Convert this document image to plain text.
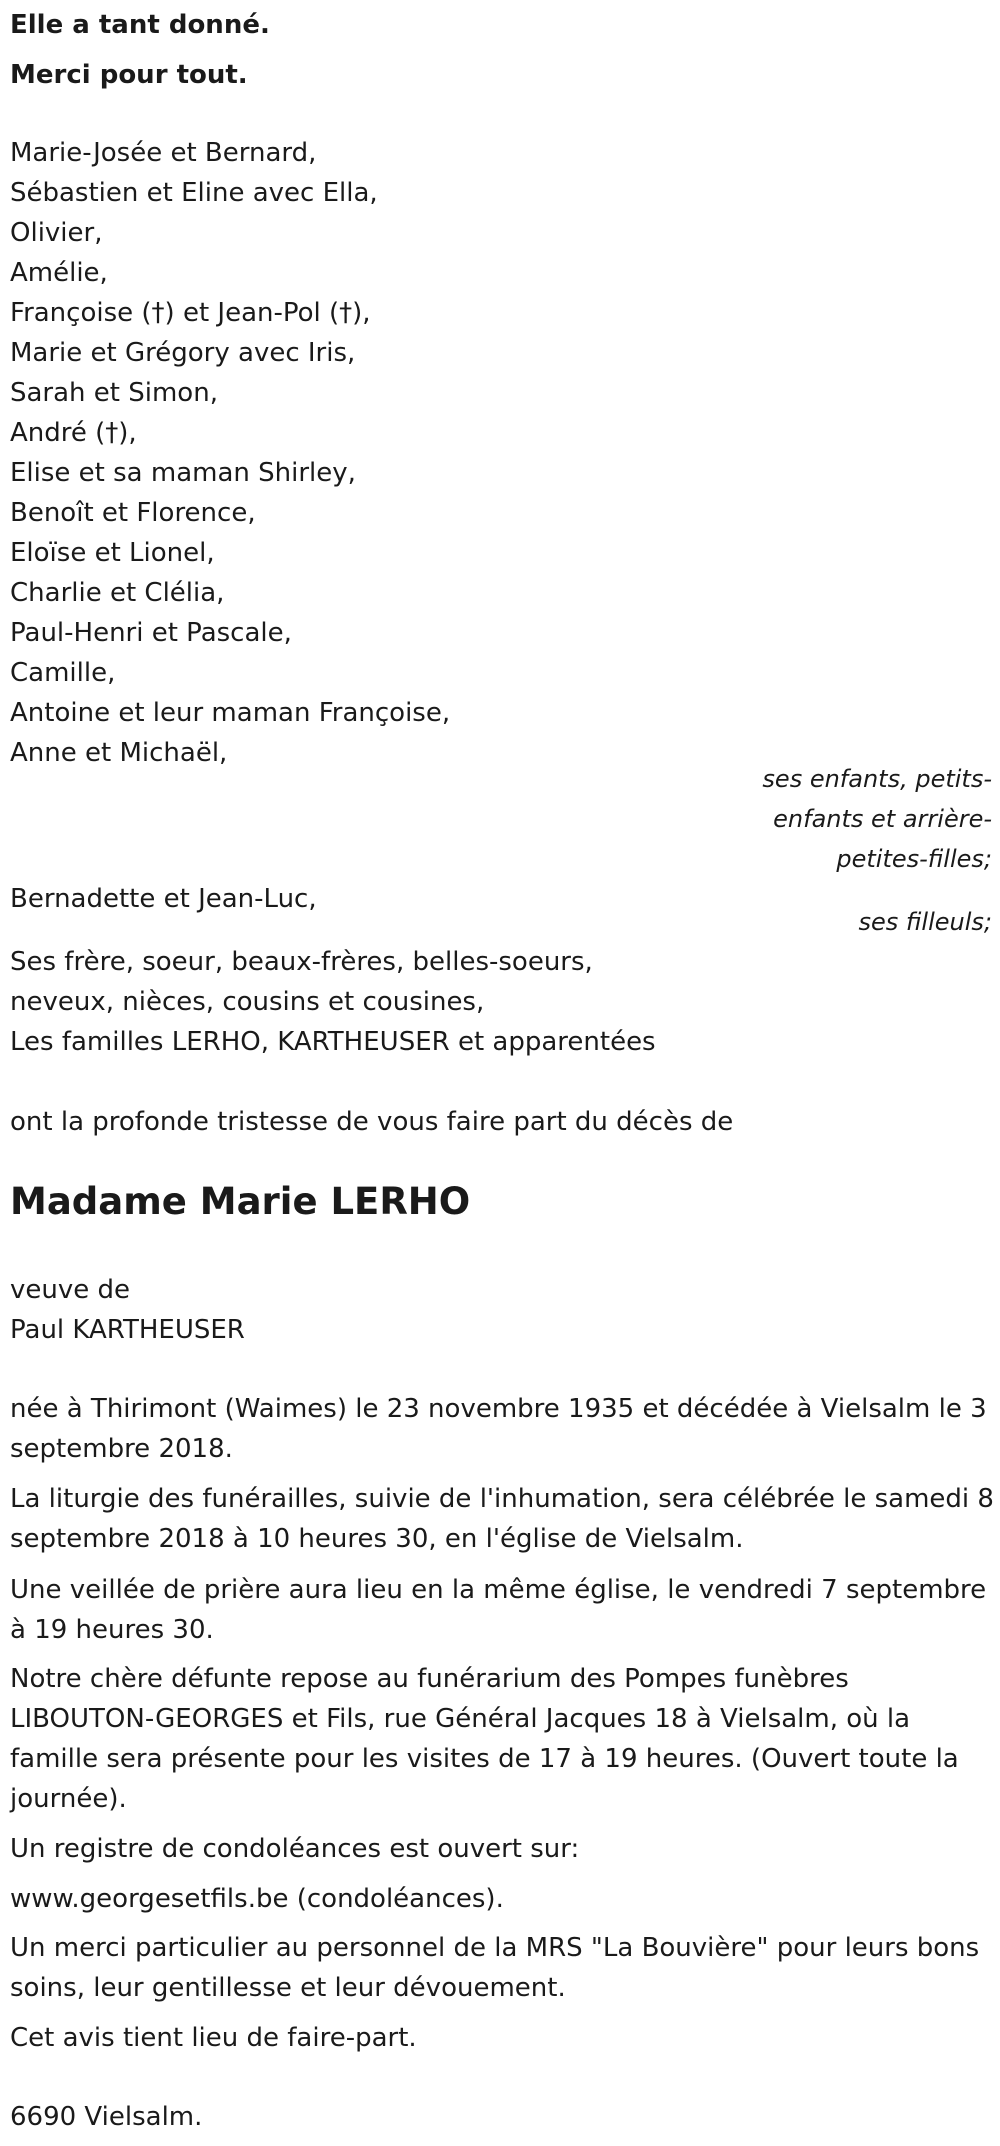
Elle a tant donné.
Merci pour tout.
Marie-Josée et Bernard,
Sébastien et Eline avec Ella,
Olivier,
Amélie,
Françoise (†) et Jean-Pol (†),
Marie et Grégory avec Iris,
Sarah et Simon,
André (†),
Elise et sa maman Shirley,
Benoît et Florence,
Eloïse et Lionel,
Charlie et Clélia,
Paul-Henri et Pascale,
Camille,
Antoine et leur maman Françoise,
Anne et Michaël,
ses enfants, petits-
enfants et arrière-
petites-filles;
Bernadette et Jean-Luc,
ses filleuls;
Ses frère, soeur, beaux-frères, belles-soeurs,
neveux, nièces, cousins et cousines,
Les familles LERHO, KARTHEUSER et apparentées
ont la profonde tristesse de vous faire part du décès de
Madame Marie LERHO
veuve de
Paul KARTHEUSER
née à Thirimont (Waimes) le 23 novembre 1935 et décédée à Vielsalm le 3 septembre 2018.
La liturgie des funérailles, suivie de l'inhumation, sera célébrée le samedi 8 septembre 2018 à 10 heures 30, en l'église de Vielsalm.
Une veillée de prière aura lieu en la même église, le vendredi 7 septembre à 19 heures 30.
Notre chère défunte repose au funérarium des Pompes funèbres LIBOUTON-GEORGES et Fils, rue Général Jacques 18 à Vielsalm, où la famille sera présente pour les visites de 17 à 19 heures. (Ouvert toute la journée).
Un registre de condoléances est ouvert sur:
www.georgesetfils.be (condoléances).
Un merci particulier au personnel de la MRS "La Bouvière" pour leurs bons soins, leur gentillesse et leur dévouement.
Cet avis tient lieu de faire-part.
6690 Vielsalm.
